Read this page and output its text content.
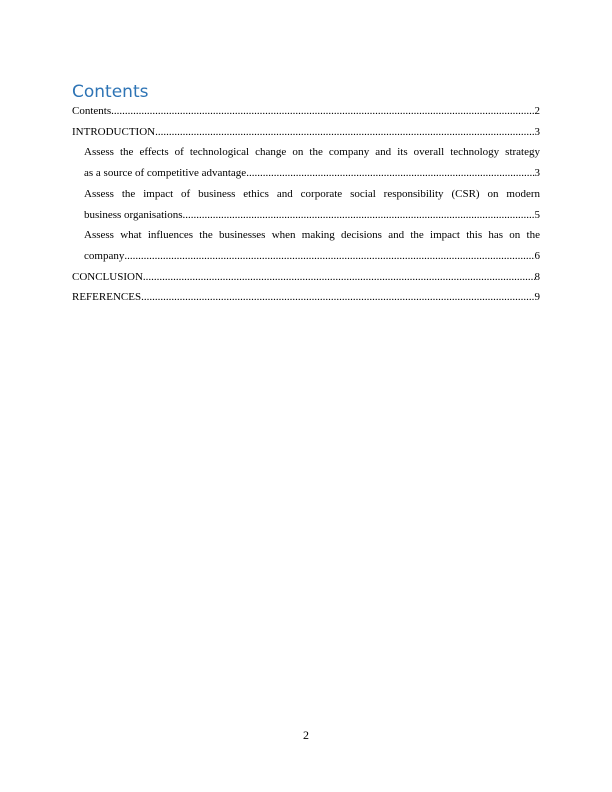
Contents
Contents .....	2
INTRODUCTION .....	3
Assess the effects of technological change on the company and its overall technology strategy
as a source of competitive advantage .....	3
Assess the impact of business ethics and corporate social responsibility (CSR) on modern
business organisations .....	5
Assess what influences the businesses when making decisions and the impact this has on the
company .....	6
CONCLUSION .....	8
REFERENCES .....	9
2
